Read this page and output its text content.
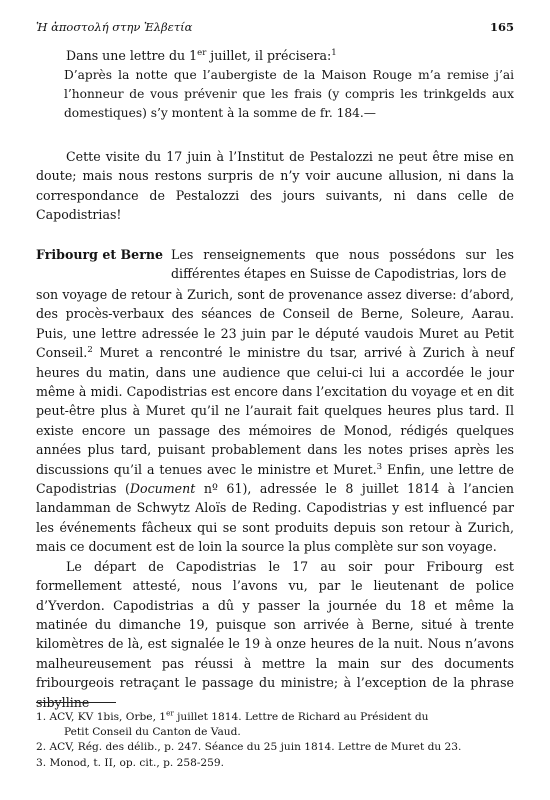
Ἡ ἀποστολή στην Ἑλβετία	165
Dans une lettre du 1er juillet, il précisera:$^1$
D’après la notte que l’aubergiste de la Maison Rouge m’a remise j’ai l’honneur de vous prévenir que les frais (y compris les trinkgelds aux domestiques) s’y montent à la somme de fr. 184.—
Cette visite du 17 juin à l’Institut de Pestalozzi ne peut être mise en doute; mais nous restons surpris de n’y voir aucune allusion, ni dans la correspondance de Pestalozzi des jours suivants, ni dans celle de Capodistrias!
Fribourg et Berne Les renseignements que nous possédons sur les différentes étapes en Suisse de Capodistrias, lors de

son voyage de retour à Zurich, sont de provenance assez diverse: d’abord, des procès-verbaux des séances de Conseil de Berne, Soleure, Aarau. Puis, une lettre adressée le 23 juin par le député vaudois Muret au Petit Conseil.$^2$ Muret a rencontré le ministre du tsar, arrivé à Zurich à neuf heures du matin, dans une audience que celui-ci lui a accordée le jour même à midi. Capodistrias est encore dans l’excitation du voyage et en dit peut-être plus à Muret qu’il ne l’aurait fait quelques heures plus tard. Il existe encore un passage des mémoires de Monod, rédigés quelques années plus tard, puisant probablement dans les notes prises après les discussions qu’il a tenues avec le ministre et Muret.$^3$ Enfin, une lettre de Capodistrias (Document nº 61), adressée le 8 juillet 1814 à l’ancien landamman de Schwytz Aloïs de Reding. Capodistrias y est influencé par les événements fâcheux qui se sont produits depuis son retour à Zurich, mais ce document est de loin la source la plus complète sur son voyage.

Le départ de Capodistrias le 17 au soir pour Fribourg est formellement attesté, nous l’avons vu, par le lieutenant de police d’Yverdon. Capodistrias a dû y passer la journée du 18 et même la matinée du dimanche 19, puisque son arrivée à Berne, situé à trente kilomètres de là, est signalée le 19 à onze heures de la nuit. Nous n’avons malheureusement pas réussi à mettre la main sur des documents fribourgeois retraçant le passage du ministre; à l’exception de la phrase sibylline

1. ACV, KV 1bis, Orbe, 1er juillet 1814. Lettre de Richard au Président du
Petit Conseil du Canton de Vaud.
2. ACV, Rég. des délib., p. 247. Séance du 25 juin 1814. Lettre de Muret du 23.
3. Monod, t. II, op. cit., p. 258-259.
